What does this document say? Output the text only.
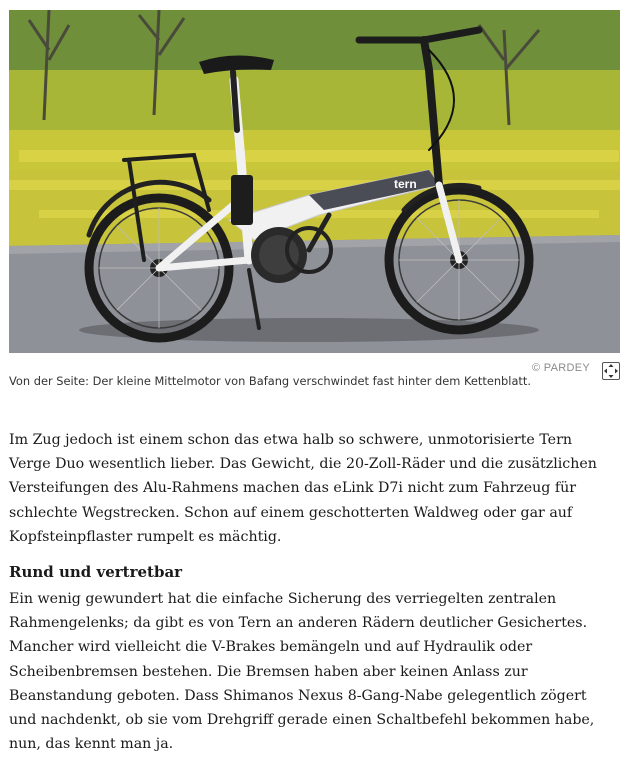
tern
© PARDEY
Von der Seite: Der kleine Mittelmotor von Bafang verschwindet fast hinter dem Kettenblatt.

Im Zug jedoch ist einem schon das etwa halb so schwere, unmotorisierte Tern Verge Duo wesentlich lieber. Das Gewicht, die 20-Zoll-Räder und die zusätzlichen Versteifungen des Alu-Rahmens machen das eLink D7i nicht zum Fahrzeug für schlechte Wegstrecken. Schon auf einem geschotterten Waldweg oder gar auf Kopfsteinpflaster rumpelt es mächtig.

Rund und vertretbar

Ein wenig gewundert hat die einfache Sicherung des verriegelten zentralen Rahmengelenks; da gibt es von Tern an anderen Rädern deutlicher Gesichertes. Mancher wird vielleicht die V-Brakes bemängeln und auf Hydraulik oder Scheibenbremsen bestehen. Die Bremsen haben aber keinen Anlass zur Beanstandung geboten. Dass Shimanos Nexus 8-Gang-Nabe gelegentlich zögert und nachdenkt, ob sie vom Drehgriff gerade einen Schaltbefehl bekommen habe, nun, das kennt man ja.
